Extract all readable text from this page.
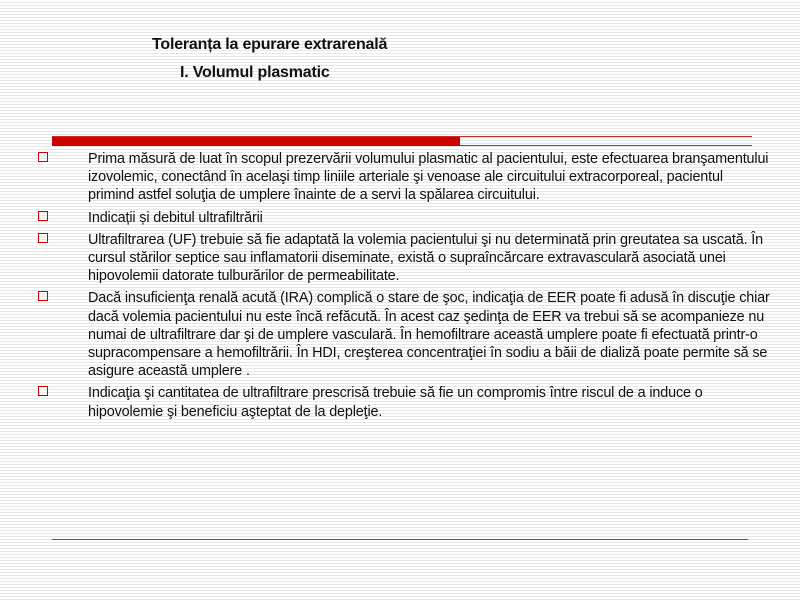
Toleranța la epurare extrarenală
I. Volumul plasmatic
Prima măsură de luat în scopul prezervării volumului plasmatic al pacientului, este efectuarea branşamentului izovolemic, conectând în acelaşi timp liniile arteriale şi venoase ale circuitului extracorporeal, pacientul primind astfel soluţia de umplere înainte de a servi la spălarea circuitului.
Indicații și debitul ultrafiltrării
Ultrafiltrarea (UF) trebuie să fie adaptată la volemia pacientului şi nu determinată prin greutatea sa uscată. În cursul stărilor septice sau inflamatorii diseminate, există o supraîncărcare extravasculară asociată unei hipovolemii datorate tulburărilor de permeabilitate.
Dacă insuficienţa renală acută (IRA) complică o stare de şoc, indicaţia de EER poate fi adusă în discuţie chiar dacă volemia pacientului nu este încă refăcută. În acest caz şedinţa de EER va trebui să se acompanieze nu numai de ultrafiltrare dar şi de umplere vasculară. În hemofiltrare această umplere poate fi efectuată printr-o supracompensare a hemofiltrării. În HDI, creşterea concentraţiei în sodiu a băii de dializă poate permite să se asigure această umplere .
Indicaţia şi cantitatea de ultrafiltrare prescrisă trebuie să fie un compromis între riscul de a induce o hipovolemie şi beneficiu aşteptat de la depleţie.
